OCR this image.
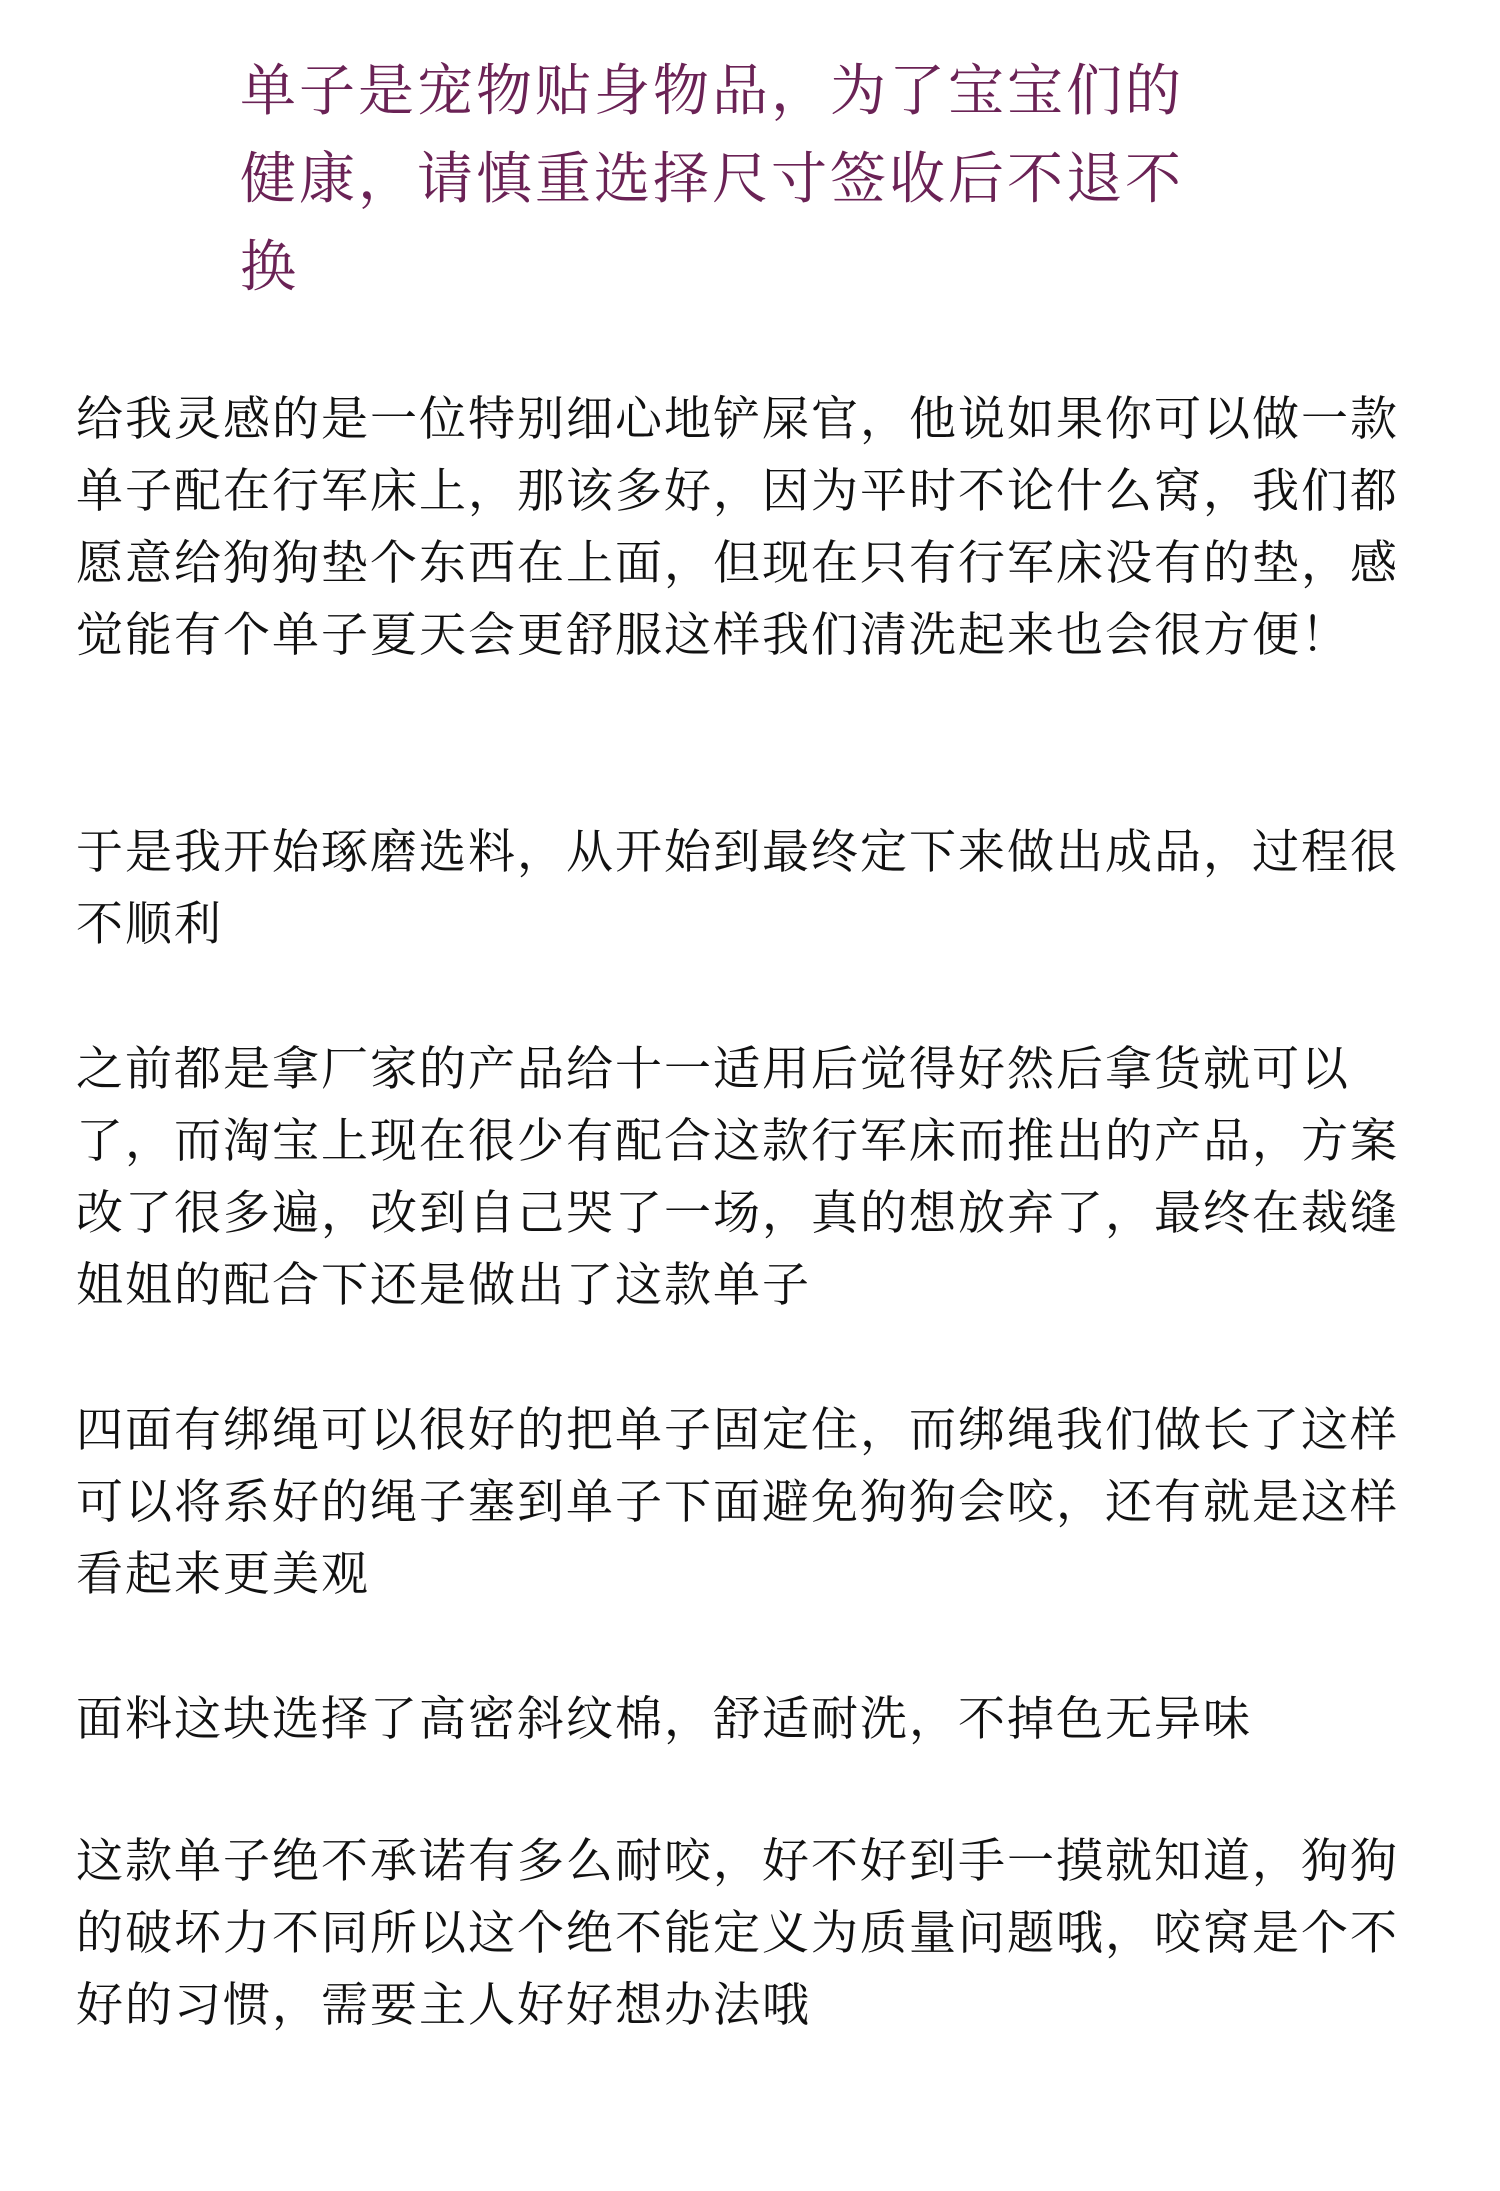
单子是宠物贴身物品，为了宝宝们的健康，请慎重选择尺寸签收后不退不换

给我灵感的是一位特别细心地铲屎官，他说如果你可以做一款单子配在行军床上，那该多好，因为平时不论什么窝，我们都愿意给狗狗垫个东西在上面，但现在只有行军床没有的垫，感觉能有个单子夏天会更舒服这样我们清洗起来也会很方便！

于是我开始琢磨选料，从开始到最终定下来做出成品，过程很不顺利

之前都是拿厂家的产品给十一适用后觉得好然后拿货就可以了，而淘宝上现在很少有配合这款行军床而推出的产品，方案改了很多遍，改到自己哭了一场，真的想放弃了，最终在裁缝姐姐的配合下还是做出了这款单子

四面有绑绳可以很好的把单子固定住，而绑绳我们做长了这样可以将系好的绳子塞到单子下面避免狗狗会咬，还有就是这样看起来更美观

面料这块选择了高密斜纹棉，舒适耐洗，不掉色无异味

这款单子绝不承诺有多么耐咬，好不好到手一摸就知道，狗狗的破坏力不同所以这个绝不能定义为质量问题哦，咬窝是个不好的习惯，需要主人好好想办法哦
